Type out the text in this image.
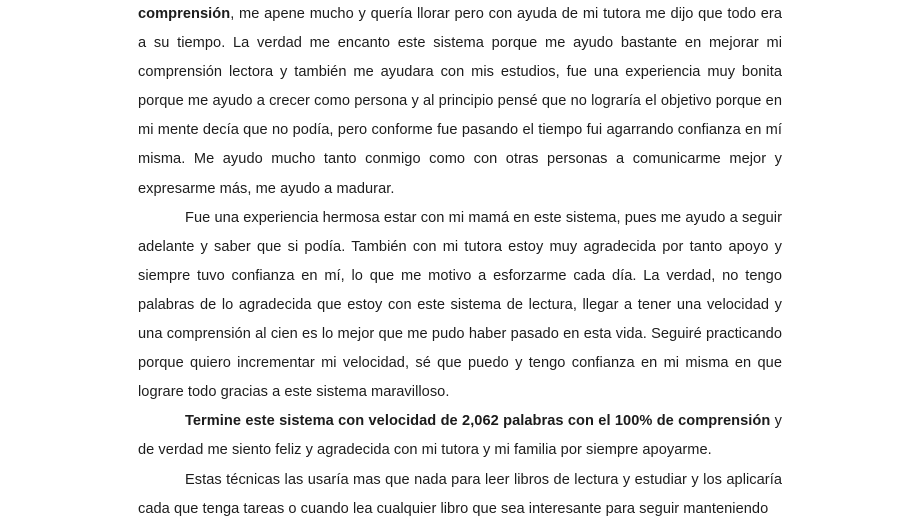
comprensión, me apene mucho y quería llorar pero con ayuda de mi tutora me dijo que todo era a su tiempo. La verdad me encanto este sistema porque me ayudo bastante en mejorar mi comprensión lectora y también me ayudara con mis estudios, fue una experiencia muy bonita porque me ayudo a crecer como persona y al principio pensé que no lograría el objetivo porque en mi mente decía que no podía, pero conforme fue pasando el tiempo fui agarrando confianza en mí misma. Me ayudo mucho tanto conmigo como con otras personas a comunicarme mejor y expresarme más, me ayudo a madurar.

Fue una experiencia hermosa estar con mi mamá en este sistema, pues me ayudo a seguir adelante y saber que si podía. También con mi tutora estoy muy agradecida por tanto apoyo y siempre tuvo confianza en mí, lo que me motivo a esforzarme cada día. La verdad, no tengo palabras de lo agradecida que estoy con este sistema de lectura, llegar a tener una velocidad y una comprensión al cien es lo mejor que me pudo haber pasado en esta vida. Seguiré practicando porque quiero incrementar mi velocidad, sé que puedo y tengo confianza en mi misma en que lograre todo gracias a este sistema maravilloso.

Termine este sistema con velocidad de 2,062 palabras con el 100% de comprensión y de verdad me siento feliz y agradecida con mi tutora y mi familia por siempre apoyarme.

Estas técnicas las usaría mas que nada para leer libros de lectura y estudiar y los aplicaría cada que tenga tareas o cuando lea cualquier libro que sea interesante para seguir manteniendo
